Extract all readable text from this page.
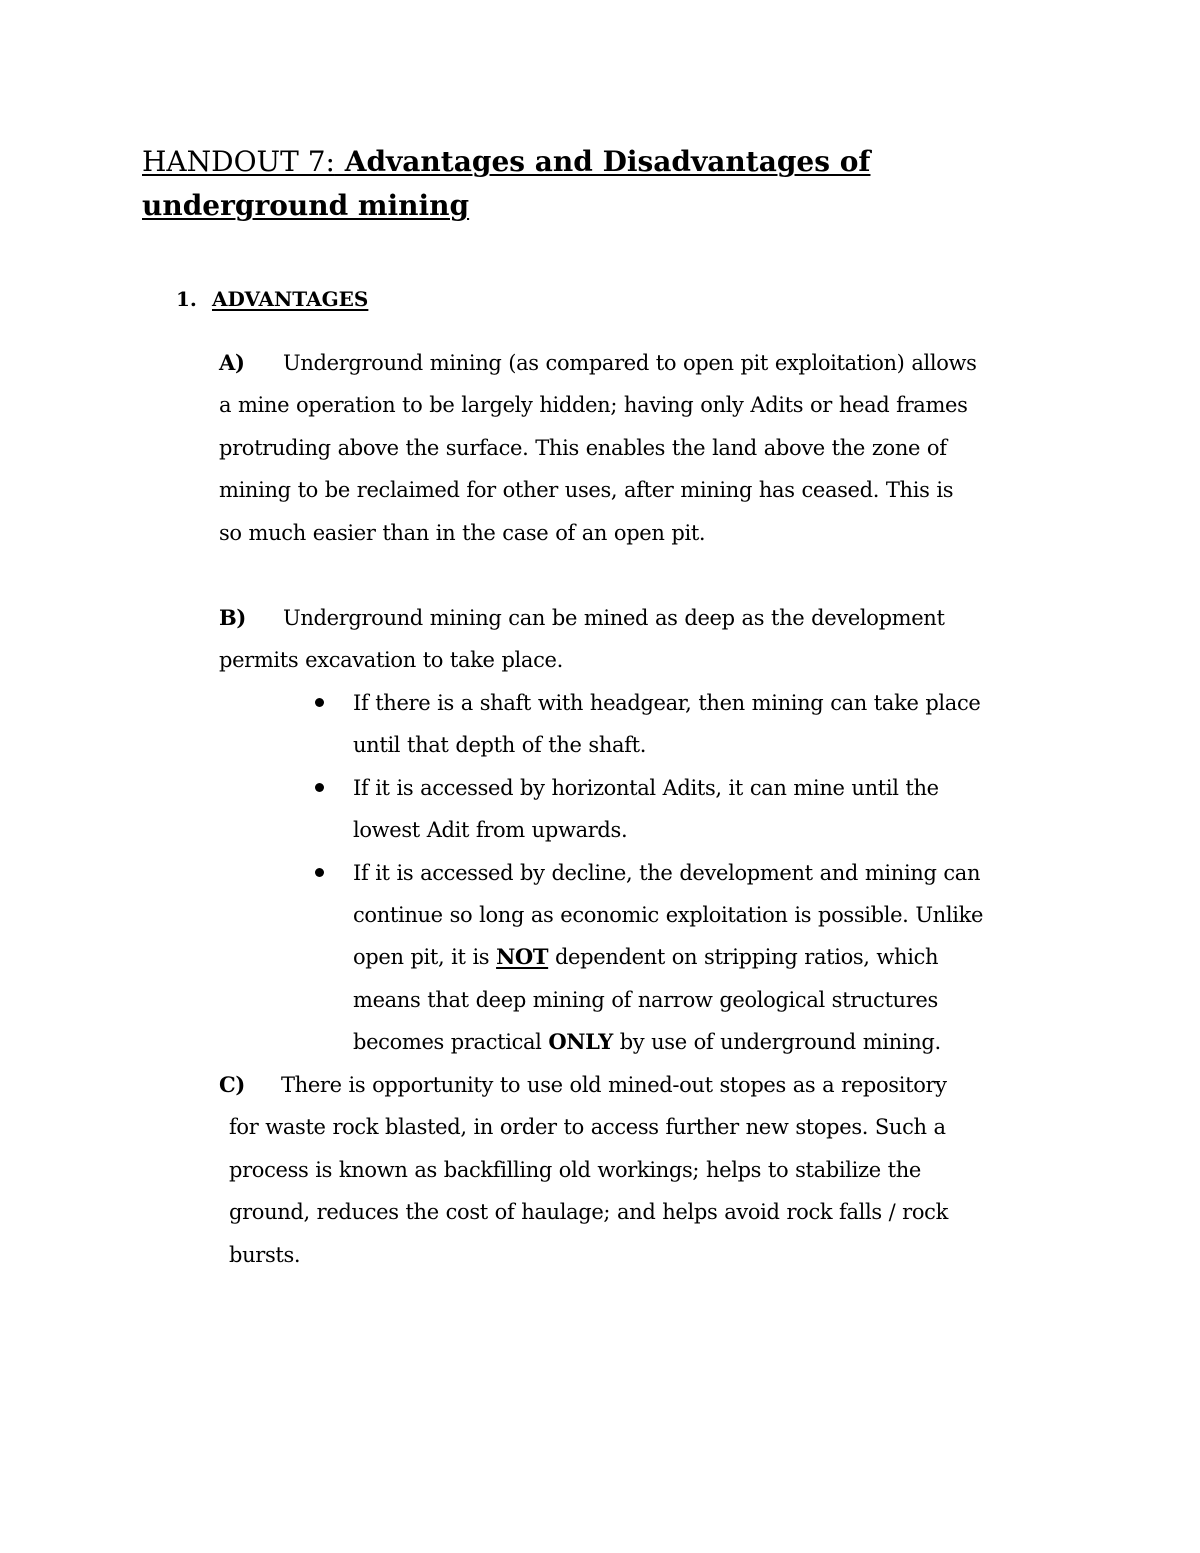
HANDOUT 7: Advantages and Disadvantages of
underground mining
1. ADVANTAGES
A) Underground mining (as compared to open pit exploitation) allows
a mine operation to be largely hidden; having only Adits or head frames
protruding above the surface. This enables the land above the zone of
mining to be reclaimed for other uses, after mining has ceased. This is
so much easier than in the case of an open pit.
B) Underground mining can be mined as deep as the development
permits excavation to take place.
If there is a shaft with headgear, then mining can take place
until that depth of the shaft.
If it is accessed by horizontal Adits, it can mine until the
lowest Adit from upwards.
If it is accessed by decline, the development and mining can
continue so long as economic exploitation is possible. Unlike
open pit, it is NOT dependent on stripping ratios, which
means that deep mining of narrow geological structures
becomes practical ONLY by use of underground mining.
C) There is opportunity to use old mined-out stopes as a repository
for waste rock blasted, in order to access further new stopes. Such a
process is known as backfilling old workings; helps to stabilize the
ground, reduces the cost of haulage; and helps avoid rock falls / rock
bursts.
